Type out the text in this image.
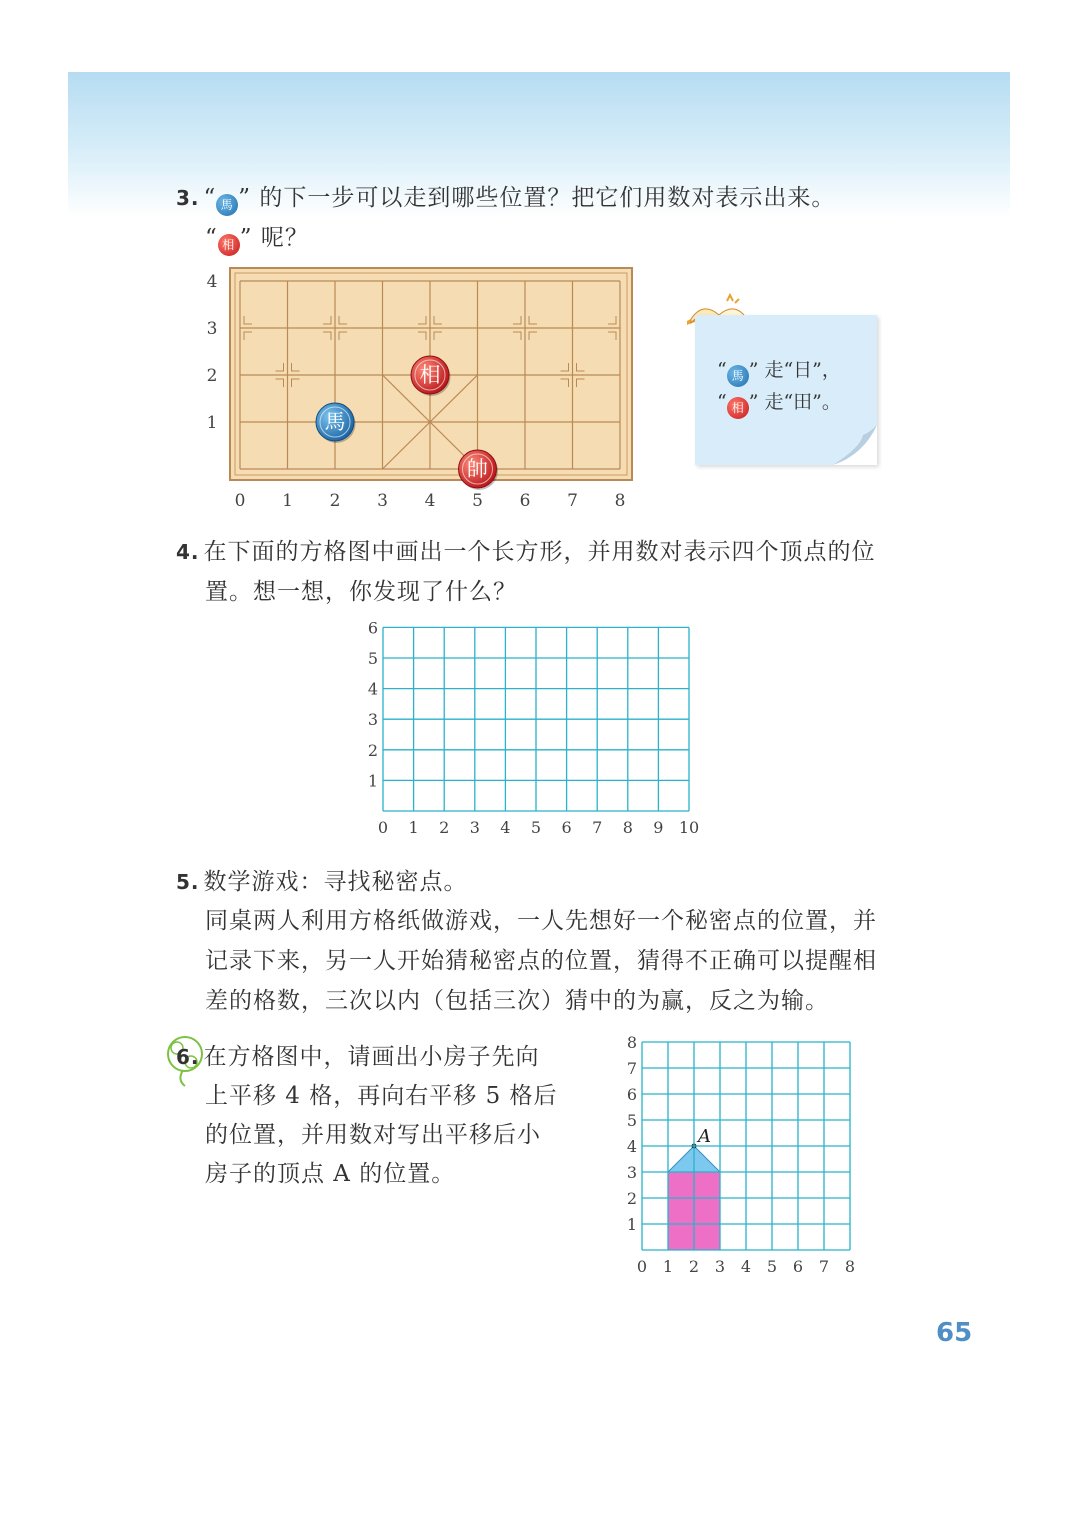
3. “ 馬 ” 的下一步可以走到哪些位置？把它们用数对表示出来。
“ 相 ” 呢？
0 1 2 3 4 5 6 7 8
1
2
3
4
馬
相
帥
“ 馬 ” 走“日”，
“ 相 ” 走“田”。
4. 在下面的方格图中画出一个长方形，并用数对表示四个顶点的位
置。想一想，你发现了什么？
0 1 2 3 4 5 6 7 8 9 10
1
2
3
4
5
6
5. 数学游戏：寻找秘密点。
同桌两人利用方格纸做游戏，一人先想好一个秘密点的位置，并
记录下来，另一人开始猜秘密点的位置，猜得不正确可以提醒相
差的格数，三次以内（包括三次）猜中的为赢，反之为输。
6. 在方格图中，请画出小房子先向
上平移 4 格，再向右平移 5 格后
的位置，并用数对写出平移后小
房子的顶点 A 的位置。
A
0 1 2 3 4 5 6 7 8
1
2
3
4
5
6
7
8
65
